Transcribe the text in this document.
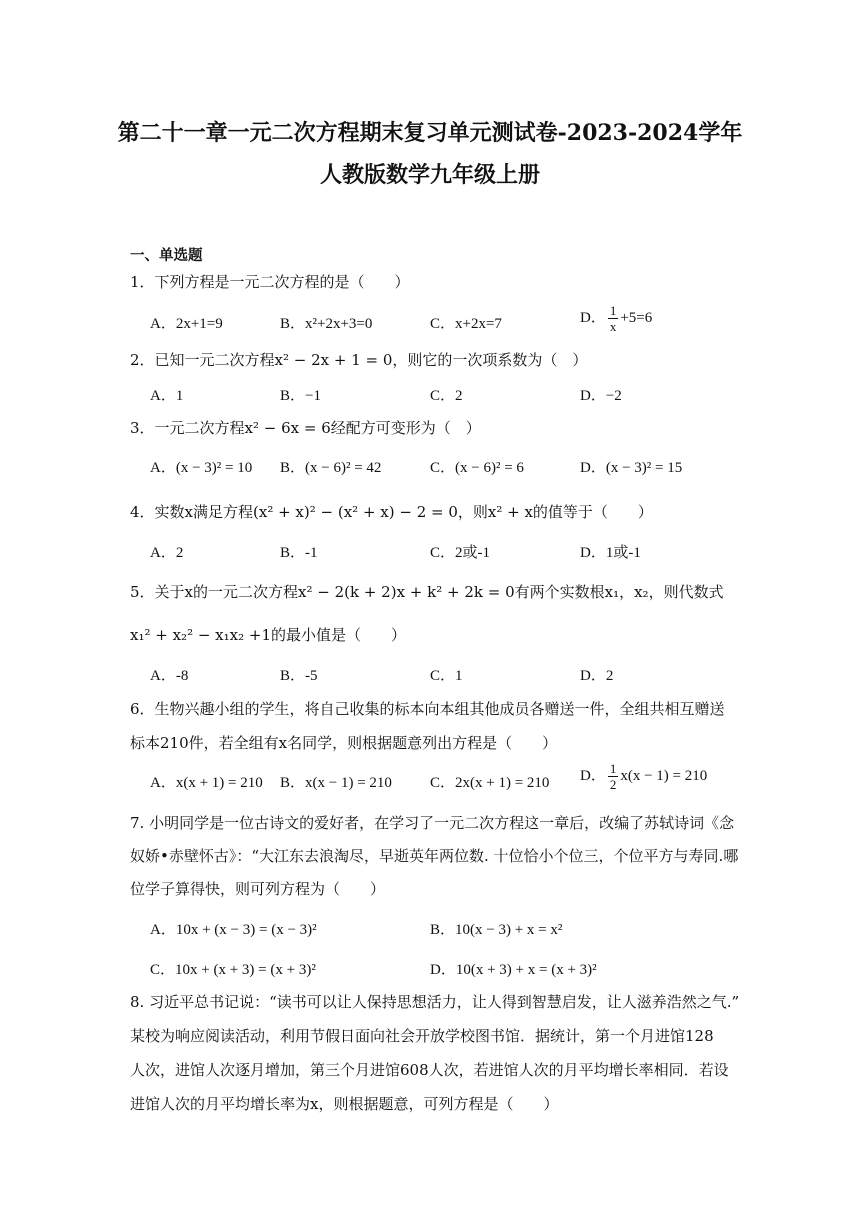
第二十一章一元二次方程期末复习单元测试卷-2023-2024学年
人教版数学九年级上册
一、单选题
1．下列方程是一元二次方程的是（　　）
A．2x+1=9	B．x²+2x+3=0	C．x+2x=7	D． $\frac{1}{x} +5=6$
2．已知一元二次方程x² − 2x + 1 = 0，则它的一次项系数为（　）
A．1	B．−1	C．2	D．−2
3．一元二次方程x² − 6x = 6经配方可变形为（　）
A．(x − 3)² = 10 B．(x − 6)² = 42	C．(x − 6)² = 6	D．(x − 3)² = 15
4．实数x满足方程(x² + x)² − (x² + x) − 2 = 0，则x² + x的值等于（　　）
A．2	B．-1	C．2或-1	D．1或-1
5．关于x的一元二次方程x² − 2(k + 2)x + k² + 2k = 0有两个实数根x₁，x₂，则代数式
x₁² + x₂² − x₁x₂ +1的最小值是（　　）
A．-8	B．-5	C．1	D．2
6．生物兴趣小组的学生，将自己收集的标本向本组其他成员各赠送一件，全组共相互赠送
标本210件，若全组有x名同学，则根据题意列出方程是（　　）
A．x(x + 1) = 210 B．x(x − 1) = 210	C．2x(x + 1) = 210 D． $\frac{1}{2} x(x - 1) = 210$
7. 小明同学是一位古诗文的爱好者，在学习了一元二次方程这一章后，改编了苏轼诗词《念
奴娇•赤壁怀古》：“大江东去浪淘尽，早逝英年两位数. 十位恰小个位三，个位平方与寿同.哪
位学子算得快，则可列方程为（　　）
A．10x + (x − 3) = (x − 3)²	B．10(x − 3) + x = x²
C．10x + (x + 3) = (x + 3)²	D．10(x + 3) + x = (x + 3)²
8. 习近平总书记说：“读书可以让人保持思想活力，让人得到智慧启发，让人滋养浩然之气.”
某校为响应阅读活动，利用节假日面向社会开放学校图书馆．据统计，第一个月进馆128
人次，进馆人次逐月增加，第三个月进馆608人次，若进馆人次的月平均增长率相同．若设
进馆人次的月平均增长率为x，则根据题意，可列方程是（　　）
